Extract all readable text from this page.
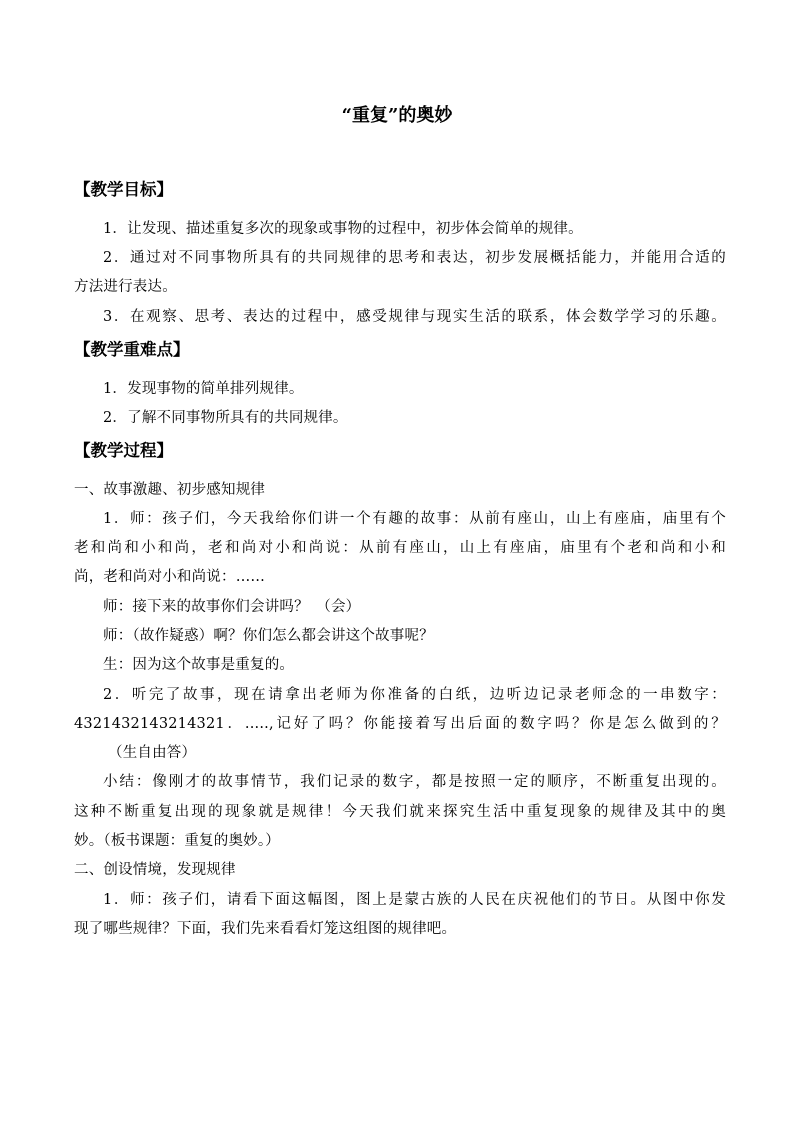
“重复”的奥妙
【教学目标】
1．让发现、描述重复多次的现象或事物的过程中，初步体会简单的规律。
2．通过对不同事物所具有的共同规律的思考和表达，初步发展概括能力，并能用合适的
方法进行表达。
3．在观察、思考、表达的过程中，感受规律与现实生活的联系，体会数学学习的乐趣。
【教学重难点】
1．发现事物的简单排列规律。
2．了解不同事物所具有的共同规律。
【教学过程】
一、故事激趣、初步感知规律
1．师：孩子们，今天我给你们讲一个有趣的故事：从前有座山，山上有座庙，庙里有个
老和尚和小和尚，老和尚对小和尚说：从前有座山，山上有座庙，庙里有个老和尚和小和
尚，老和尚对小和尚说：……
师：接下来的故事你们会讲吗？　（会）
师：（故作疑惑）啊？你们怎么都会讲这个故事呢？
生：因为这个故事是重复的。
2．听完了故事，现在请拿出老师为你准备的白纸，边听边记录老师念的一串数字：
4321432143214321．.....,记好了吗？你能接着写出后面的数字吗？你是怎么做到的？
（生自由答）
小结：像刚才的故事情节，我们记录的数字，都是按照一定的顺序，不断重复出现的。
这种不断重复出现的现象就是规律！今天我们就来探究生活中重复现象的规律及其中的奥
妙。（板书课题：重复的奥妙。）
二、创设情境，发现规律
1．师：孩子们，请看下面这幅图，图上是蒙古族的人民在庆祝他们的节日。从图中你发
现了哪些规律？下面，我们先来看看灯笼这组图的规律吧。
